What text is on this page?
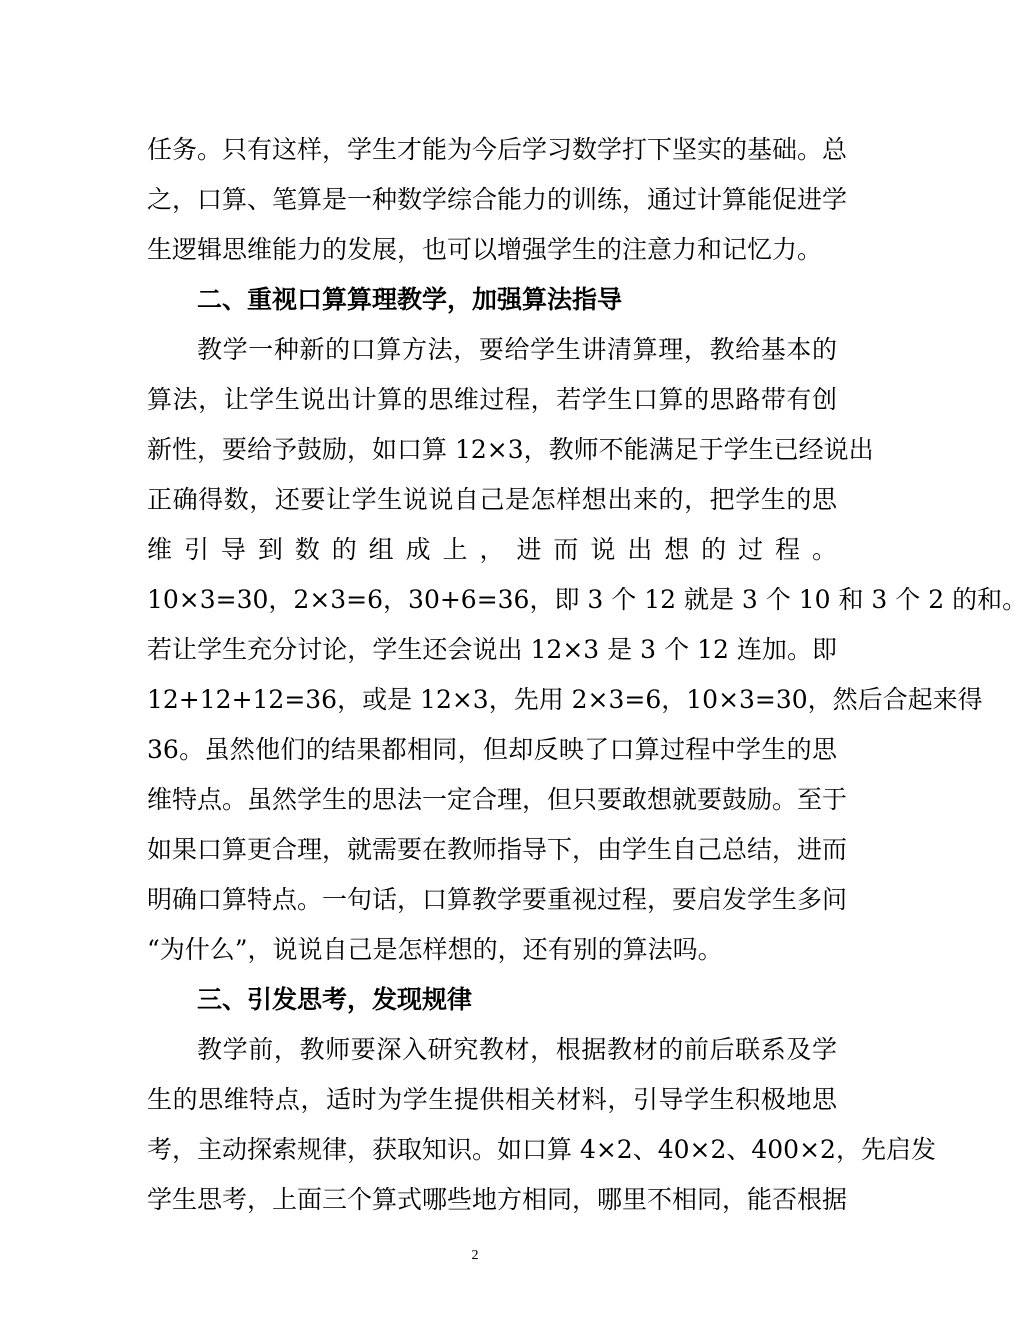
任务。只有这样，学生才能为今后学习数学打下坚实的基础。总
之，口算、笔算是一种数学综合能力的训练，通过计算能促进学
生逻辑思维能力的发展，也可以增强学生的注意力和记忆力。
二、重视口算算理教学，加强算法指导
教学一种新的口算方法，要给学生讲清算理，教给基本的
算法，让学生说出计算的思维过程，若学生口算的思路带有创
新性，要给予鼓励，如口算 12×3，教师不能满足于学生已经说出
正确得数，还要让学生说说自己是怎样想出来的，把学生的思
维 引 导 到 数 的 组 成 上 ， 进 而 说 出 想 的 过 程 。
10×3=30，2×3=6，30+6=36，即 3 个 12 就是 3 个 10 和 3 个 2 的和。
若让学生充分讨论，学生还会说出 12×3 是 3 个 12 连加。即
12+12+12=36，或是 12×3，先用 2×3=6，10×3=30，然后合起来得
36。虽然他们的结果都相同，但却反映了口算过程中学生的思
维特点。虽然学生的思法一定合理，但只要敢想就要鼓励。至于
如果口算更合理，就需要在教师指导下，由学生自己总结，进而
明确口算特点。一句话，口算教学要重视过程，要启发学生多问
“为什么”，说说自己是怎样想的，还有别的算法吗。
三、引发思考，发现规律
教学前，教师要深入研究教材，根据教材的前后联系及学
生的思维特点，适时为学生提供相关材料，引导学生积极地思
考，主动探索规律，获取知识。如口算 4×2、40×2、400×2，先启发
学生思考，上面三个算式哪些地方相同，哪里不相同，能否根据
2
